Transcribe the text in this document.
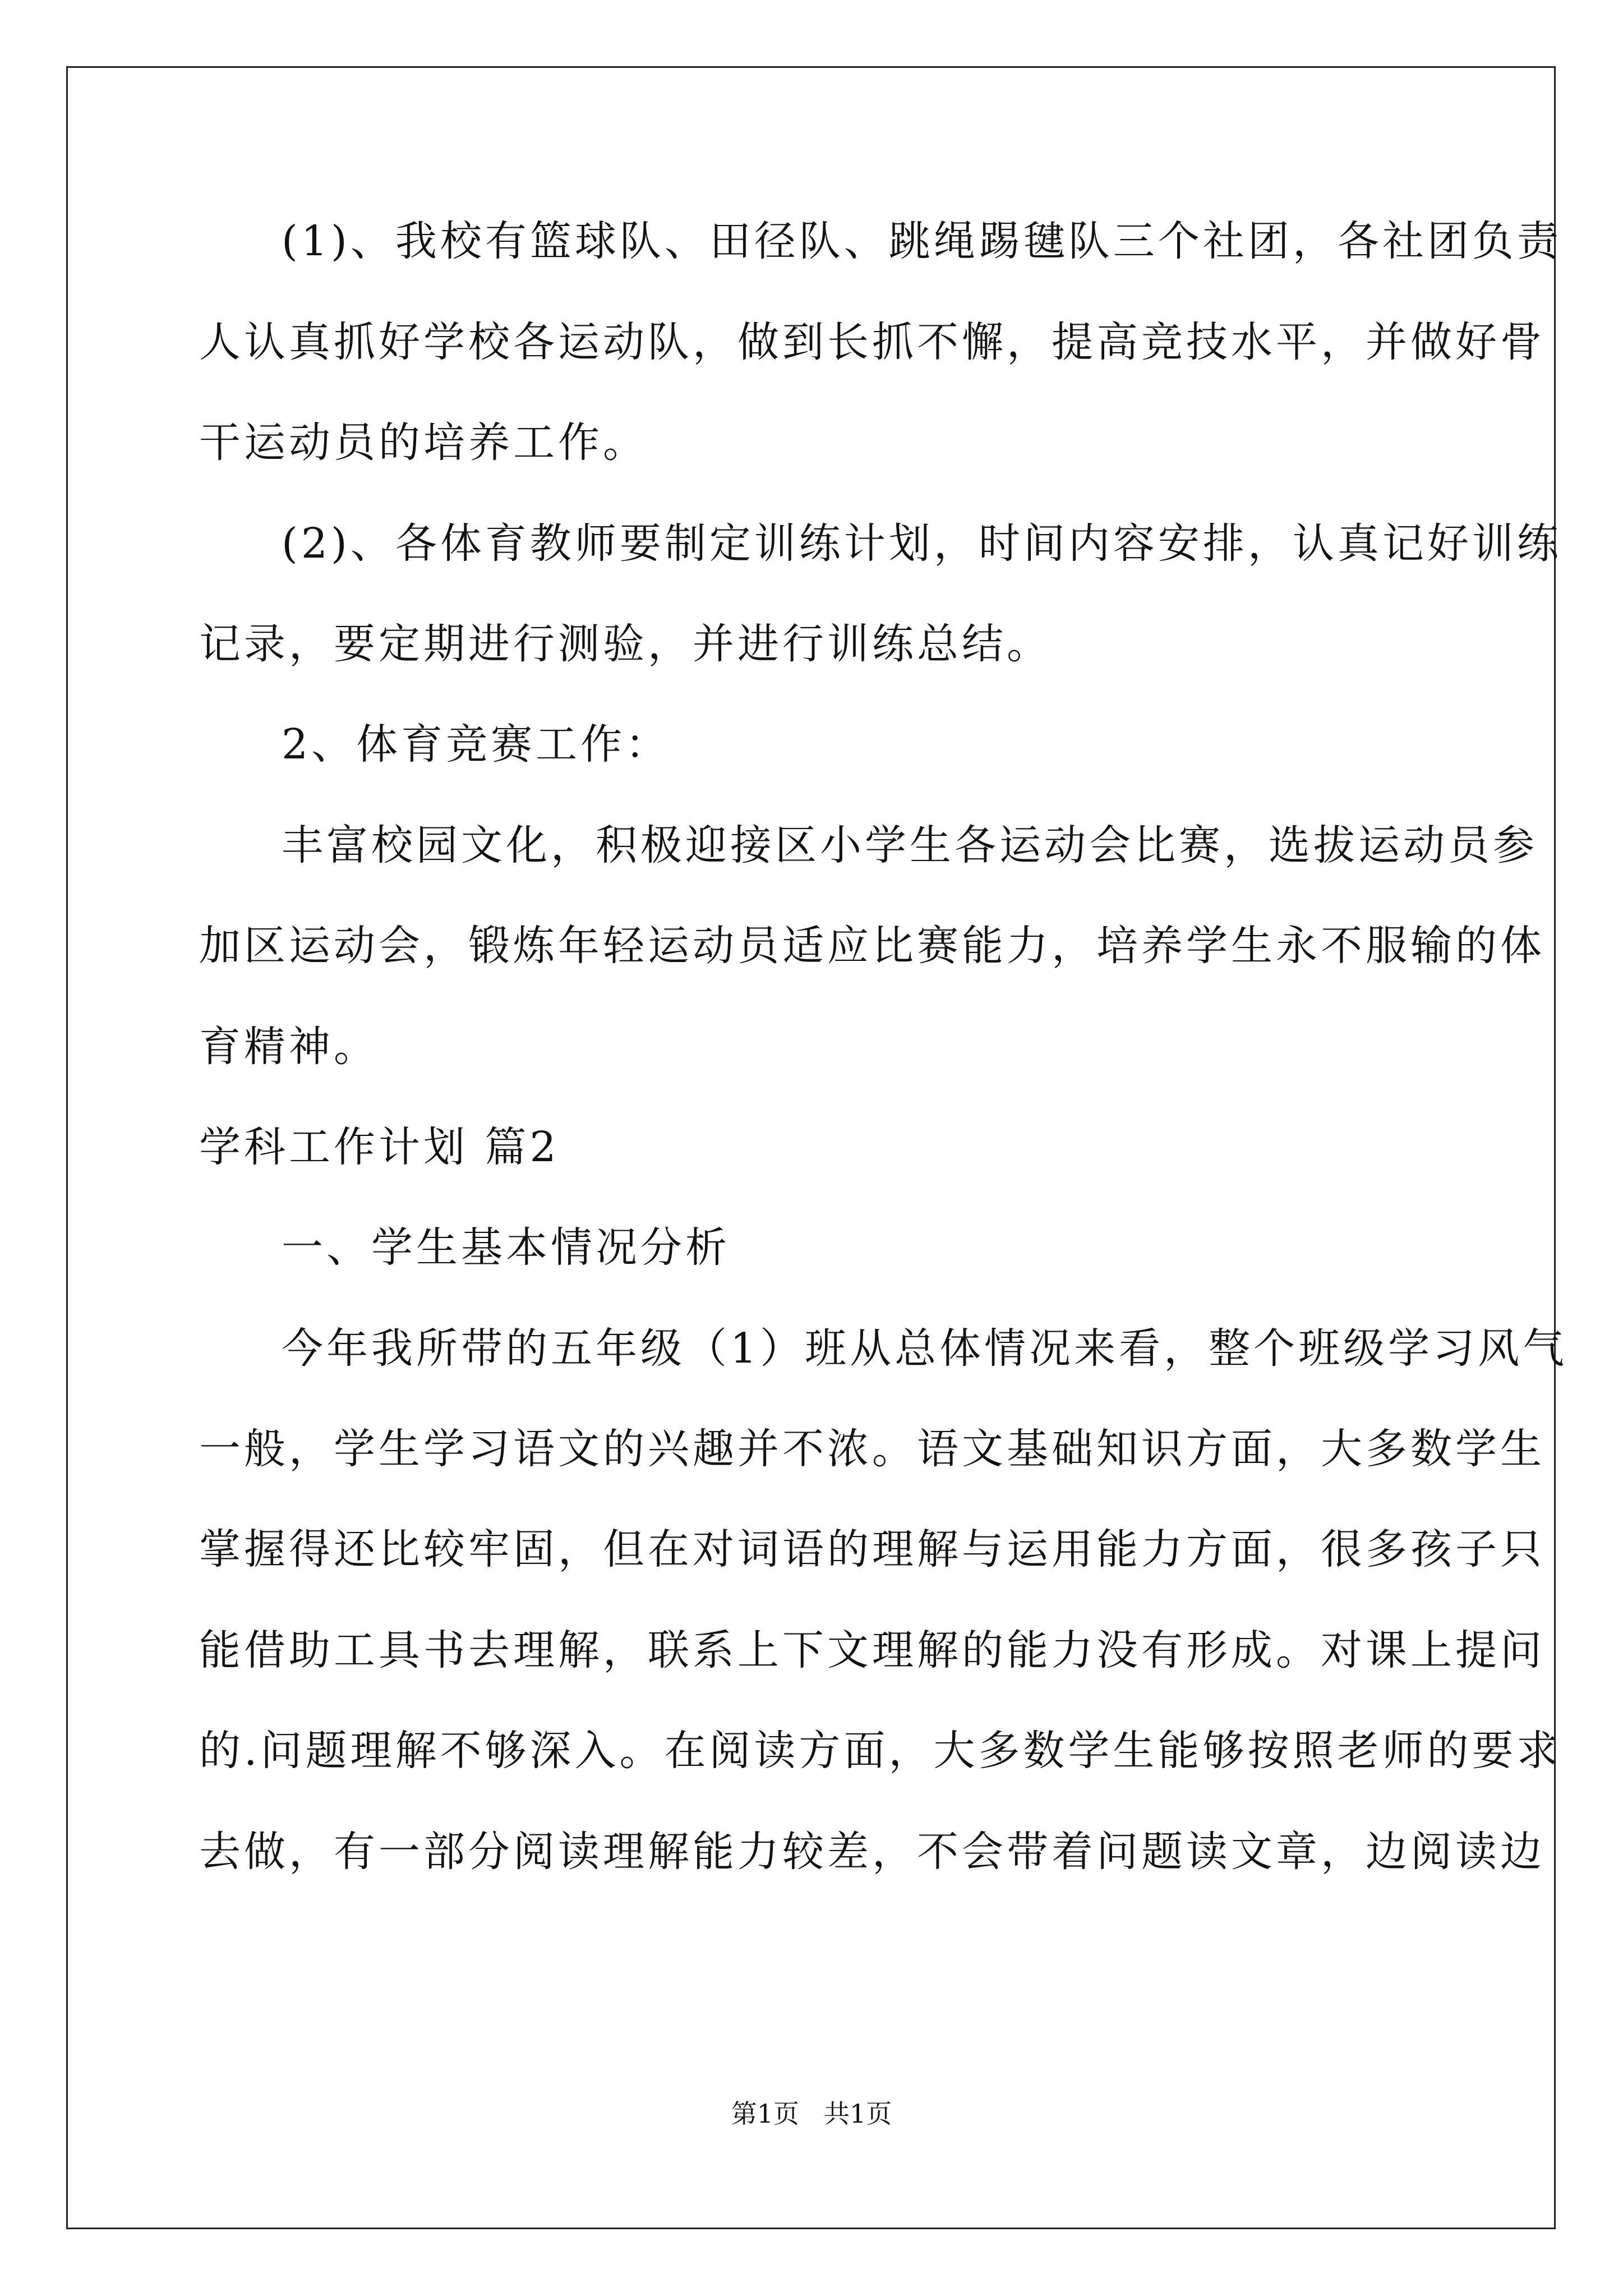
(1)、我校有篮球队、田径队、跳绳踢毽队三个社团，各社团负责
人认真抓好学校各运动队，做到长抓不懈，提高竞技水平，并做好骨
干运动员的培养工作。
(2)、各体育教师要制定训练计划，时间内容安排，认真记好训练
记录，要定期进行测验，并进行训练总结。
2、体育竞赛工作：
丰富校园文化，积极迎接区小学生各运动会比赛，选拔运动员参
加区运动会，锻炼年轻运动员适应比赛能力，培养学生永不服输的体
育精神。
学科工作计划 篇2
一、学生基本情况分析
今年我所带的五年级（1）班从总体情况来看，整个班级学习风气
一般，学生学习语文的兴趣并不浓。语文基础知识方面，大多数学生
掌握得还比较牢固，但在对词语的理解与运用能力方面，很多孩子只
能借助工具书去理解，联系上下文理解的能力没有形成。对课上提问
的.问题理解不够深入。在阅读方面，大多数学生能够按照老师的要求
去做，有一部分阅读理解能力较差，不会带着问题读文章，边阅读边
第1页 共1页
